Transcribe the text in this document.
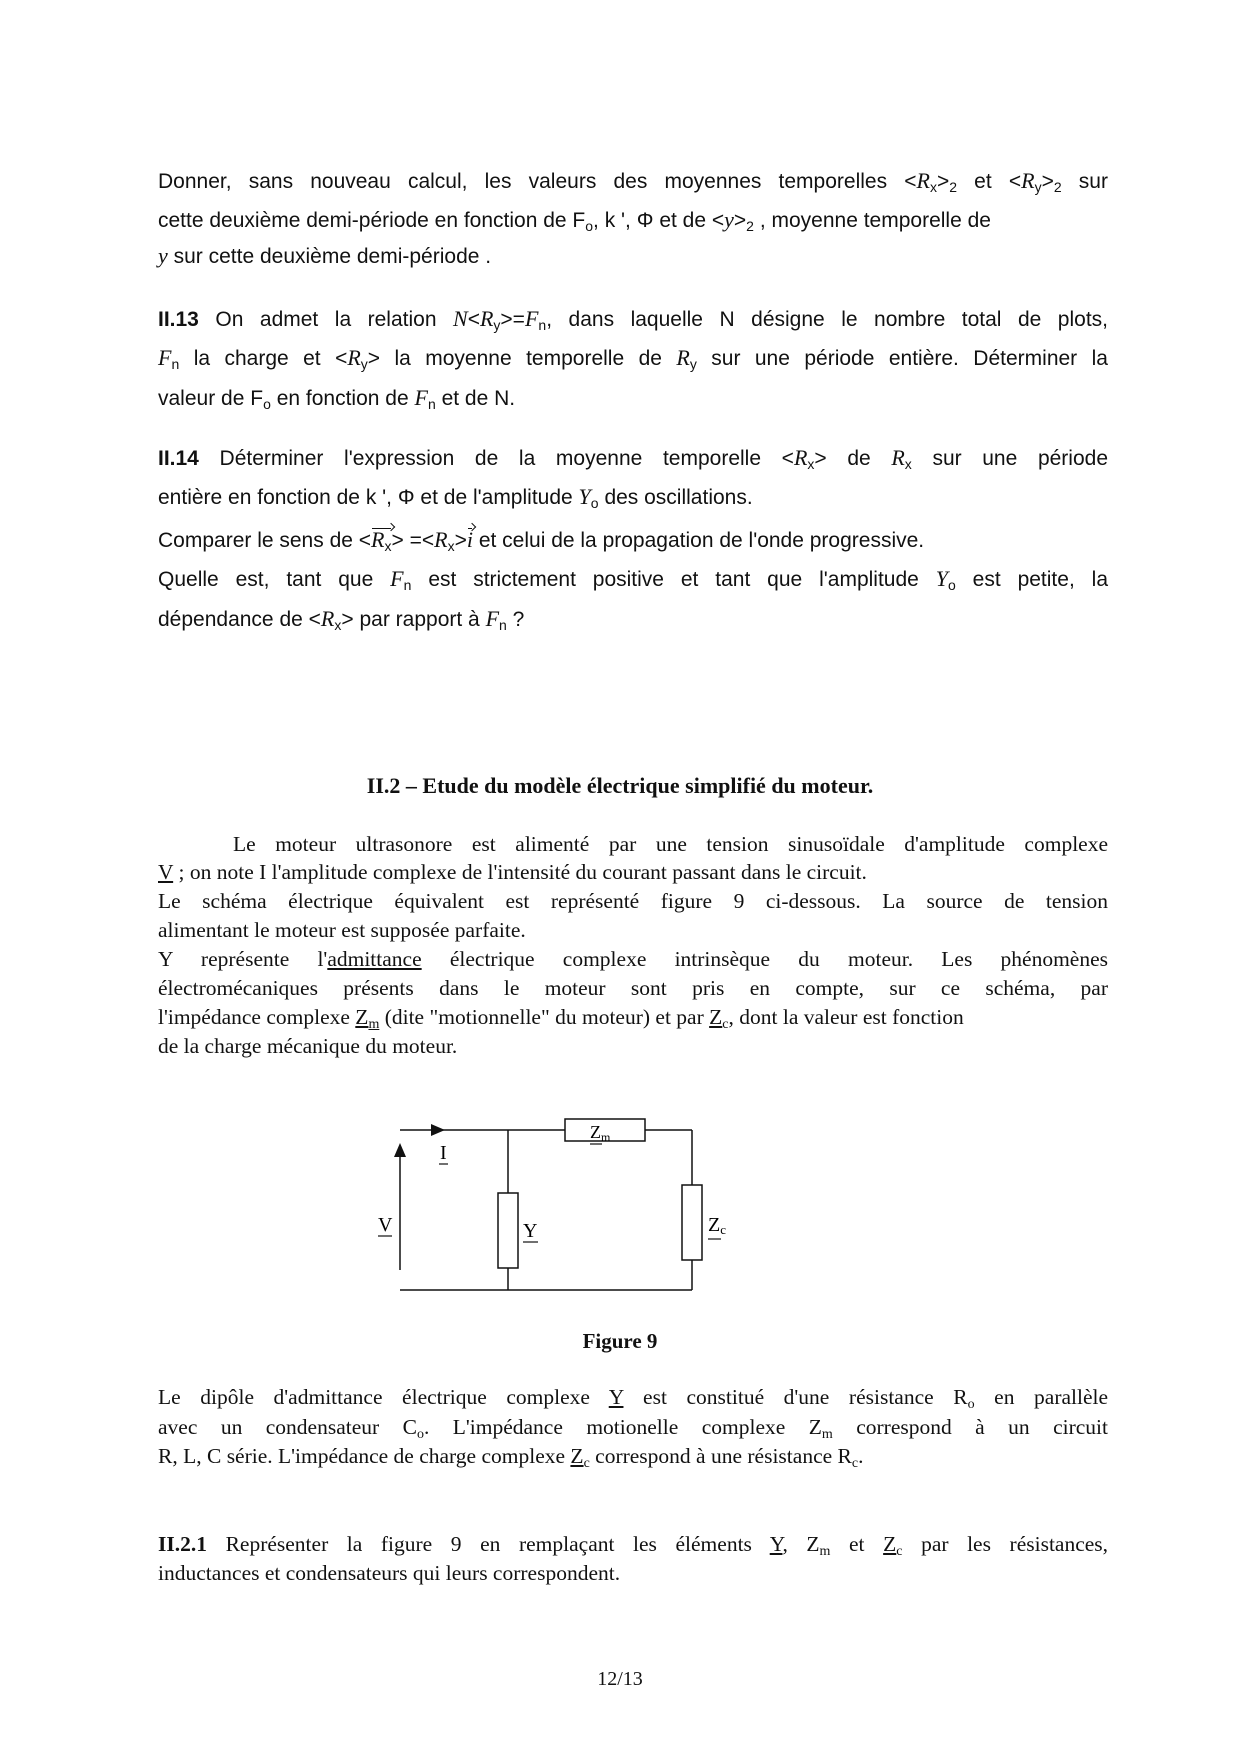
Donner, sans nouveau calcul, les valeurs des moyennes temporelles $<R_x>_2$ et $<R_y>_2$ sur
cette deuxième demi-période en fonction de $F_o$, k ', Φ et de $<y>_2$ , moyenne temporelle de
y sur cette deuxième demi-période .
II.13 On admet la relation $N<R_y>=F_n$, dans laquelle N désigne le nombre total de plots,
$F_n$ la charge et $<R_y>$ la moyenne temporelle de $R_y$ sur une période entière. Déterminer la
valeur de $F_o$ en fonction de $F_n$ et de N.
II.14 Déterminer l'expression de la moyenne temporelle $<R_x>$ de $R_x$ sur une période
entière en fonction de k ', Φ et de l'amplitude $Y_o$ des oscillations.
Comparer le sens de $<R_x> =<R_x>i$ et celui de la propagation de l'onde progressive.
Quelle est, tant que $F_n$ est strictement positive et tant que l'amplitude $Y_o$ est petite, la
dépendance de $<R_x>$ par rapport à $F_n$ ?
II.2 – Etude du modèle électrique simplifié du moteur.
Le moteur ultrasonore est alimenté par une tension sinusoïdale d'amplitude complexe
V ; on note I l'amplitude complexe de l'intensité du courant passant dans le circuit.
Le schéma électrique équivalent est représenté figure 9 ci-dessous. La source de tension
alimentant le moteur est supposée parfaite.
Y représente l'admittance électrique complexe intrinsèque du moteur. Les phénomènes
électromécaniques présents dans le moteur sont pris en compte, sur ce schéma, par
l'impédance complexe $Z_m$ (dite "motionnelle" du moteur) et par $Z_c$, dont la valeur est fonction
de la charge mécanique du moteur.
V
I
Y
Zm
Zc
Figure 9
Le dipôle d'admittance électrique complexe Y est constitué d'une résistance $R_o$ en parallèle
avec un condensateur $C_o$. L'impédance motionelle complexe $Z_m$ correspond à un circuit
R, L, C série. L'impédance de charge complexe $Z_c$ correspond à une résistance $R_c$.
II.2.1 Représenter la figure 9 en remplaçant les éléments Y, $Z_m$ et $Z_c$ par les résistances,
inductances et condensateurs qui leurs correspondent.
12/13
